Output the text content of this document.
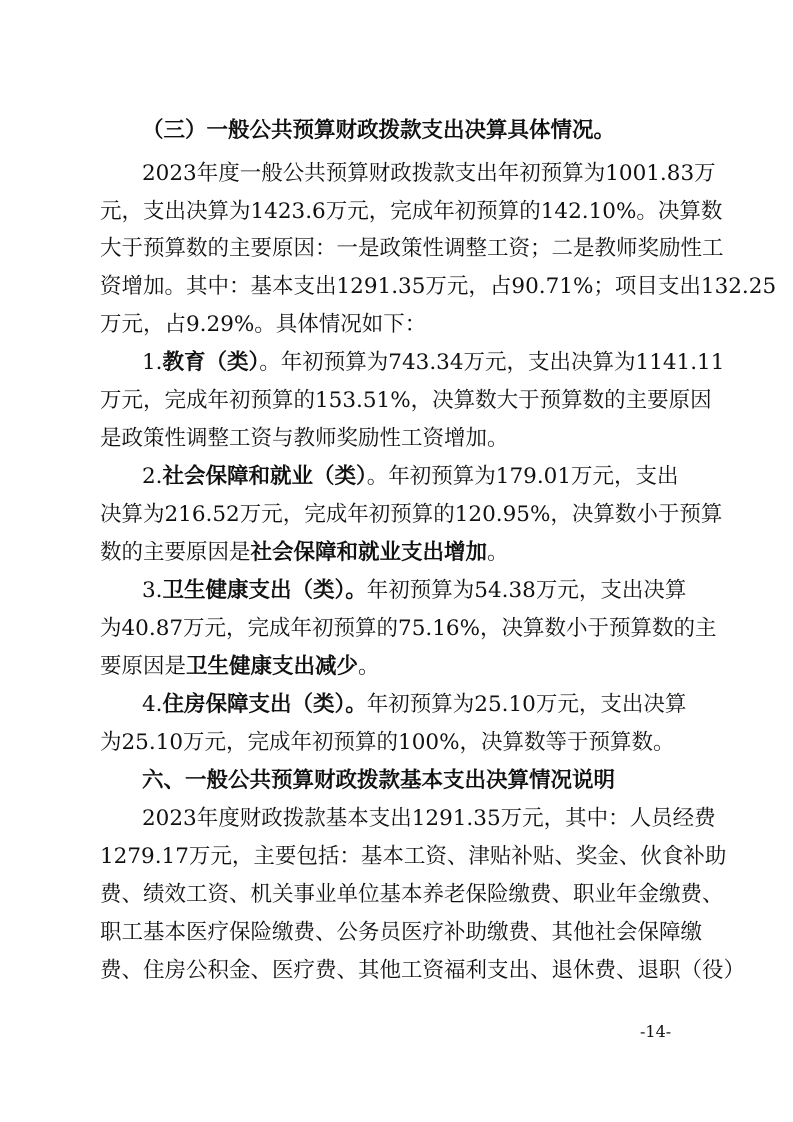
（三）一般公共预算财政拨款支出决算具体情况。
2023年度一般公共预算财政拨款支出年初预算为1001.83万
元，支出决算为1423.6万元，完成年初预算的142.10%。决算数
大于预算数的主要原因：一是政策性调整工资；二是教师奖励性工
资增加。其中：基本支出1291.35万元，占90.71%；项目支出132.25
万元，占9.29%。具体情况如下：
1.教育（类）。年初预算为743.34万元，支出决算为1141.11
万元，完成年初预算的153.51%，决算数大于预算数的主要原因
是政策性调整工资与教师奖励性工资增加。
2.社会保障和就业（类）。年初预算为179.01万元，支出
决算为216.52万元，完成年初预算的120.95%，决算数小于预算
数的主要原因是社会保障和就业支出增加。
3.卫生健康支出（类）。年初预算为54.38万元，支出决算
为40.87万元，完成年初预算的75.16%，决算数小于预算数的主
要原因是卫生健康支出减少。
4.住房保障支出（类）。年初预算为25.10万元，支出决算
为25.10万元，完成年初预算的100%，决算数等于预算数。
六、一般公共预算财政拨款基本支出决算情况说明
2023年度财政拨款基本支出1291.35万元，其中：人员经费
1279.17万元，主要包括：基本工资、津贴补贴、奖金、伙食补助
费、绩效工资、机关事业单位基本养老保险缴费、职业年金缴费、
职工基本医疗保险缴费、公务员医疗补助缴费、其他社会保障缴
费、住房公积金、医疗费、其他工资福利支出、退休费、退职（役）
-14-
